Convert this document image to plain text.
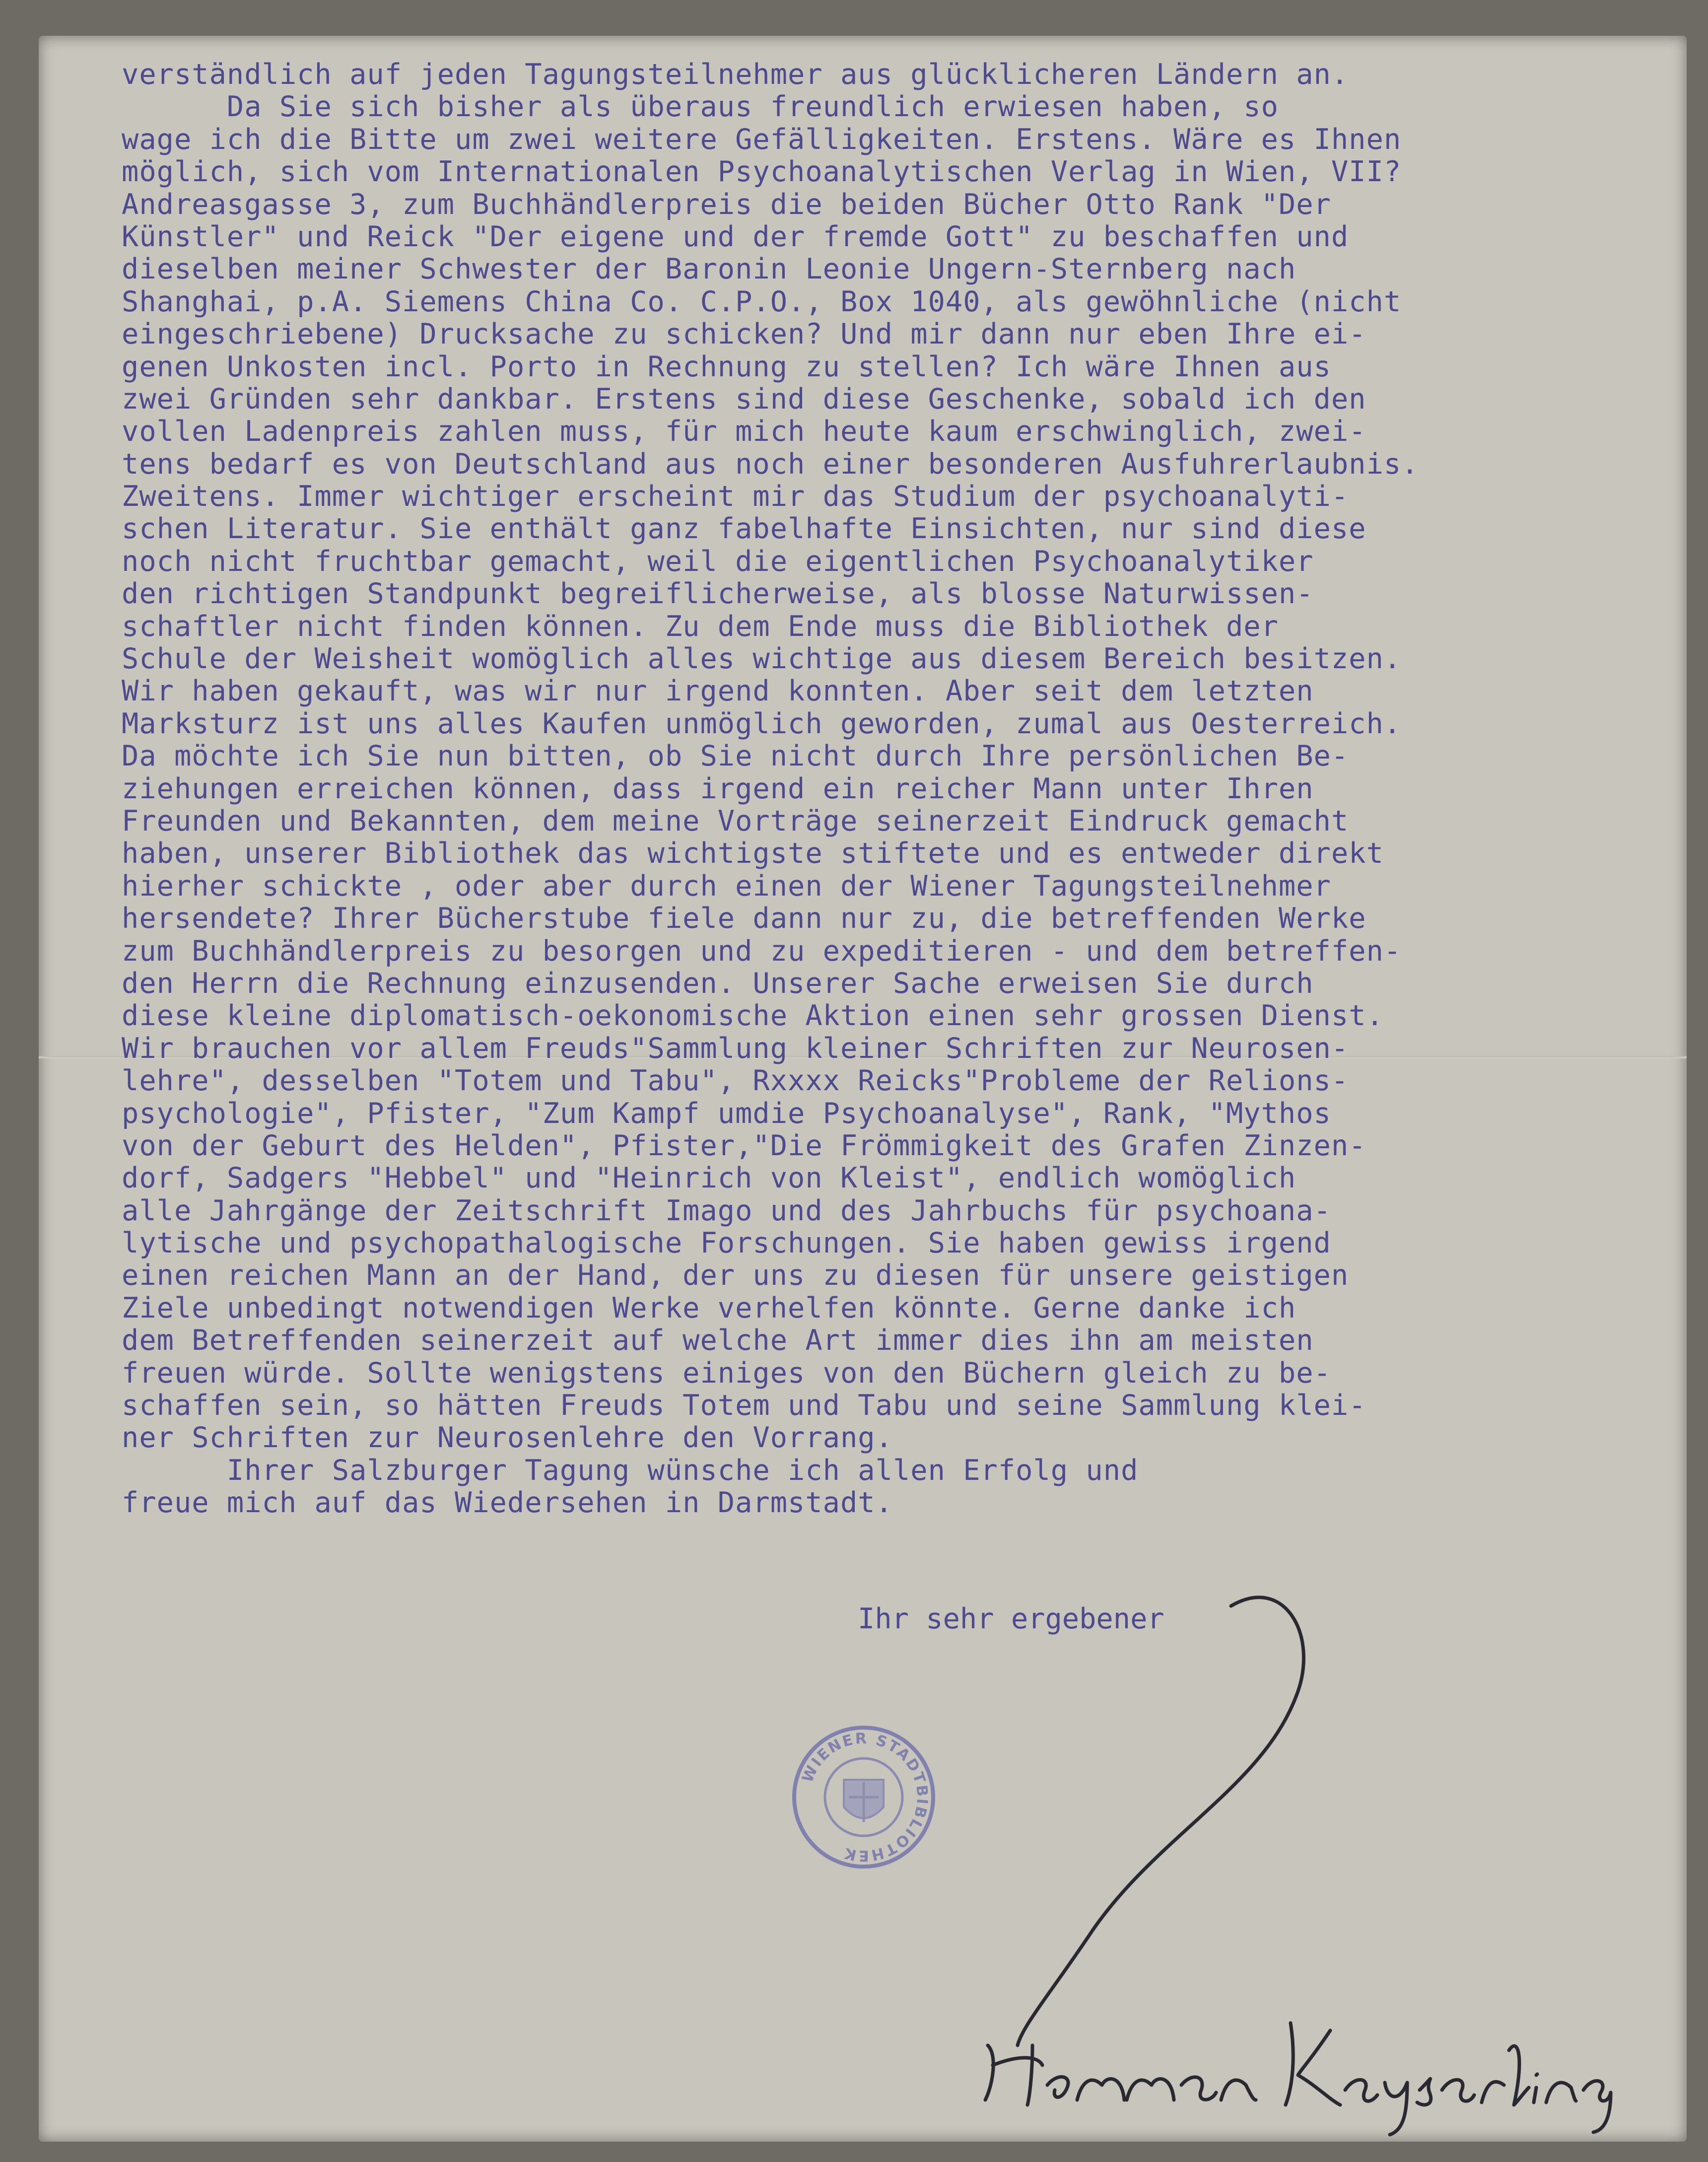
verständlich auf jeden Tagungsteilnehmer aus glücklicheren Ländern an.
Da Sie sich bisher als überaus freundlich erwiesen haben, so
wage ich die Bitte um zwei weitere Gefälligkeiten. Erstens. Wäre es Ihnen
möglich, sich vom Internationalen Psychoanalytischen Verlag in Wien, VII?
Andreasgasse 3, zum Buchhändlerpreis die beiden Bücher Otto Rank "Der
Künstler" und Reick "Der eigene und der fremde Gott" zu beschaffen und
dieselben meiner Schwester der Baronin Leonie Ungern-Sternberg nach
Shanghai, p.A. Siemens China Co. C.P.O., Box 1040, als gewöhnliche (nicht
eingeschriebene) Drucksache zu schicken? Und mir dann nur eben Ihre ei-
genen Unkosten incl. Porto in Rechnung zu stellen? Ich wäre Ihnen aus
zwei Gründen sehr dankbar. Erstens sind diese Geschenke, sobald ich den
vollen Ladenpreis zahlen muss, für mich heute kaum erschwinglich, zwei-
tens bedarf es von Deutschland aus noch einer besonderen Ausfuhrerlaubnis.
Zweitens. Immer wichtiger erscheint mir das Studium der psychoanalyti-
schen Literatur. Sie enthält ganz fabelhafte Einsichten, nur sind diese
noch nicht fruchtbar gemacht, weil die eigentlichen Psychoanalytiker
den richtigen Standpunkt begreiflicherweise, als blosse Naturwissen-
schaftler nicht finden können. Zu dem Ende muss die Bibliothek der
Schule der Weisheit womöglich alles wichtige aus diesem Bereich besitzen.
Wir haben gekauft, was wir nur irgend konnten. Aber seit dem letzten
Marksturz ist uns alles Kaufen unmöglich geworden, zumal aus Oesterreich.
Da möchte ich Sie nun bitten, ob Sie nicht durch Ihre persönlichen Be-
ziehungen erreichen können, dass irgend ein reicher Mann unter Ihren
Freunden und Bekannten, dem meine Vorträge seinerzeit Eindruck gemacht
haben, unserer Bibliothek das wichtigste stiftete und es entweder direkt
hierher schickte , oder aber durch einen der Wiener Tagungsteilnehmer
hersendete? Ihrer Bücherstube fiele dann nur zu, die betreffenden Werke
zum Buchhändlerpreis zu besorgen und zu expeditieren - und dem betreffen-
den Herrn die Rechnung einzusenden. Unserer Sache erweisen Sie durch
diese kleine diplomatisch-oekonomische Aktion einen sehr grossen Dienst.
Wir brauchen vor allem Freuds"Sammlung kleiner Schriften zur Neurosen-
lehre", desselben "Totem und Tabu", Rxxxx Reicks"Probleme der Relions-
psychologie", Pfister, "Zum Kampf umdie Psychoanalyse", Rank, "Mythos
von der Geburt des Helden", Pfister,"Die Frömmigkeit des Grafen Zinzen-
dorf, Sadgers "Hebbel" und "Heinrich von Kleist", endlich womöglich
alle Jahrgänge der Zeitschrift Imago und des Jahrbuchs für psychoana-
lytische und psychopathalogische Forschungen. Sie haben gewiss irgend
einen reichen Mann an der Hand, der uns zu diesen für unsere geistigen
Ziele unbedingt notwendigen Werke verhelfen könnte. Gerne danke ich
dem Betreffenden seinerzeit auf welche Art immer dies ihn am meisten
freuen würde. Sollte wenigstens einiges von den Büchern gleich zu be-
schaffen sein, so hätten Freuds Totem und Tabu und seine Sammlung klei-
ner Schriften zur Neurosenlehre den Vorrang.
Ihrer Salzburger Tagung wünsche ich allen Erfolg und
freue mich auf das Wiedersehen in Darmstadt.
Ihr sehr ergebener
WIENER STADTBIBLIOTHEK
